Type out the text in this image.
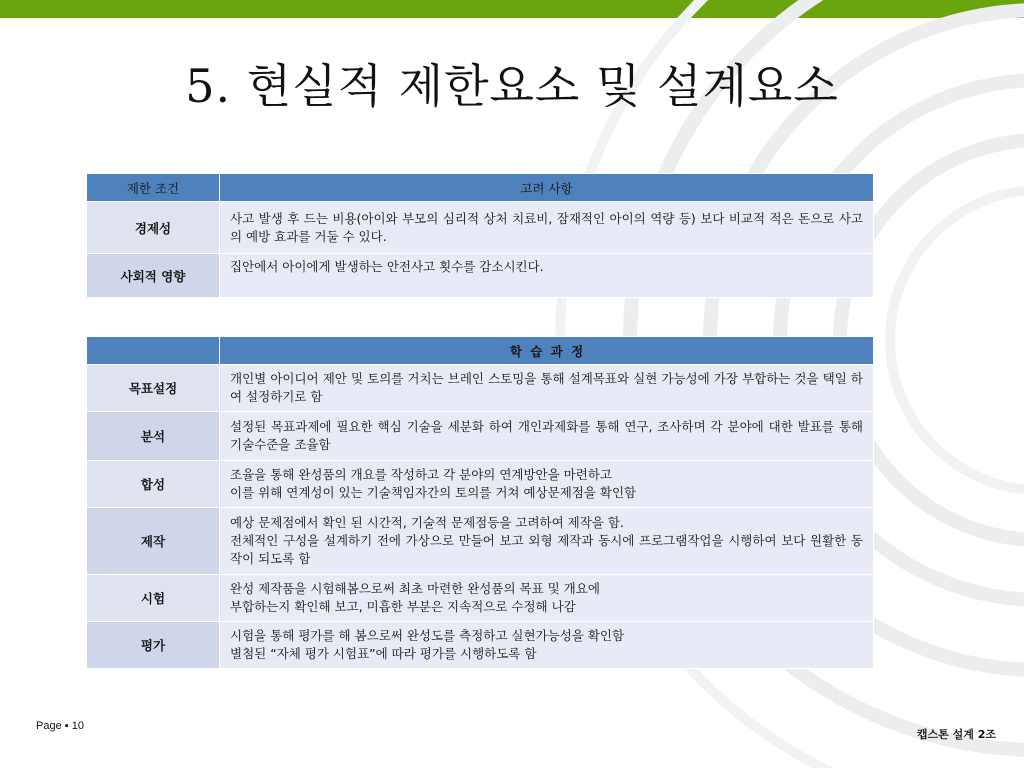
5. 현실적 제한요소 및 설계요소
제한 조건	고려 사항
경제성	사고 발생 후 드는 비용(아이와 부모의 심리적 상처 치료비, 잠재적인 아이의 역량 등) 보다 비교적 적은 돈으로 사고의 예방 효과를 거둘 수 있다.

사회적 영향	집안에서 아이에게 발생하는 안전사고 횟수를 감소시킨다.
	학 습 과 정
목표설정	개인별 아이디어 제안 및 토의를 거치는 브레인 스토밍을 통해 설계목표와 실현 가능성에 가장 부합하는 것을 택일 하여 설정하기로 함

분석	설정된 목표과제에 필요한 핵심 기술을 세분화 하여 개인과제화를 통해 연구, 조사하며 각 분야에 대한 발표를 통해 기술수준을 조율함

합성	조율을 통해 완성품의 개요를 작성하고 각 분야의 연계방안을 마련하고
이를 위해 연계성이 있는 기술책임자간의 토의를 거쳐 예상문제점을 확인함

제작	예상 문제점에서 확인 된 시간적, 기술적 문제점등을 고려하여 제작을 함.
전체적인 구성을 설계하기 전에 가상으로 만들어 보고 외형 제작과 동시에 프로그램작업을 시행하여 보다 원활한 동작이 되도록 함

시험	완성 제작품을 시험해봄으로써 최초 마련한 완성품의 목표 및 개요에
부합하는지 확인해 보고, 미흡한 부분은 지속적으로 수정해 나감

평가	시험을 통해 평가를 해 봄으로써 완성도를 측정하고 실현가능성을 확인함
별첨된 “자체 평가 시험표”에 따라 평가를 시행하도록 함
Page ▪ 10
캡스톤 설계 2조
